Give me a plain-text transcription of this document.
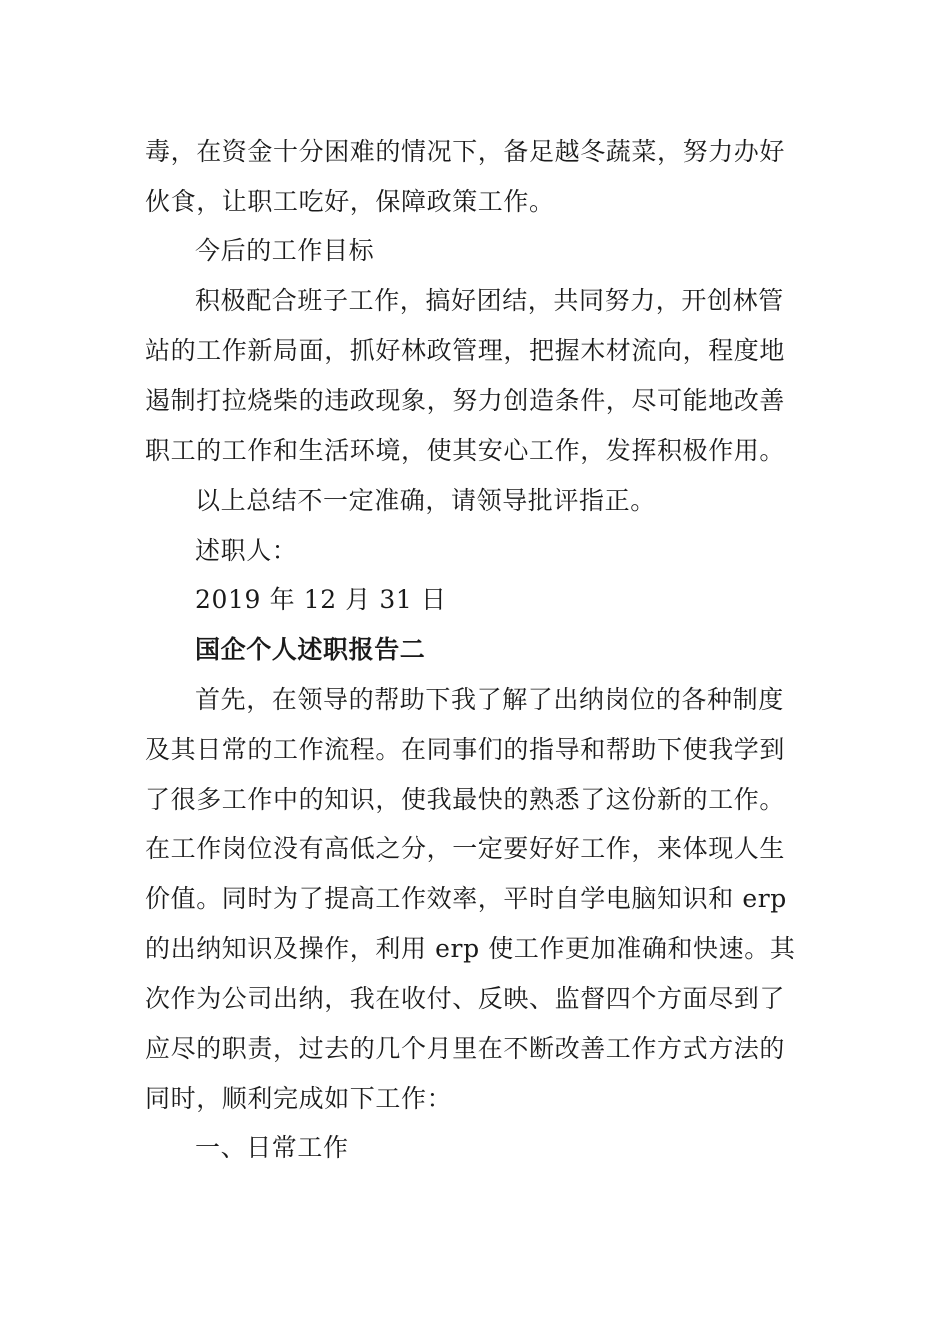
毒，在资金十分困难的情况下，备足越冬蔬菜，努力办好
伙食，让职工吃好，保障政策工作。
今后的工作目标
积极配合班子工作，搞好团结，共同努力，开创林管
站的工作新局面，抓好林政管理，把握木材流向，程度地
遏制打拉烧柴的违政现象，努力创造条件，尽可能地改善
职工的工作和生活环境，使其安心工作，发挥积极作用。
以上总结不一定准确，请领导批评指正。
述职人：
2019 年 12 月 31 日
国企个人述职报告二
首先，在领导的帮助下我了解了出纳岗位的各种制度
及其日常的工作流程。在同事们的指导和帮助下使我学到
了很多工作中的知识，使我最快的熟悉了这份新的工作。
在工作岗位没有高低之分，一定要好好工作，来体现人生
价值。同时为了提高工作效率，平时自学电脑知识和 erp
的出纳知识及操作，利用 erp 使工作更加准确和快速。其
次作为公司出纳，我在收付、反映、监督四个方面尽到了
应尽的职责，过去的几个月里在不断改善工作方式方法的
同时，顺利完成如下工作：
一、日常工作
